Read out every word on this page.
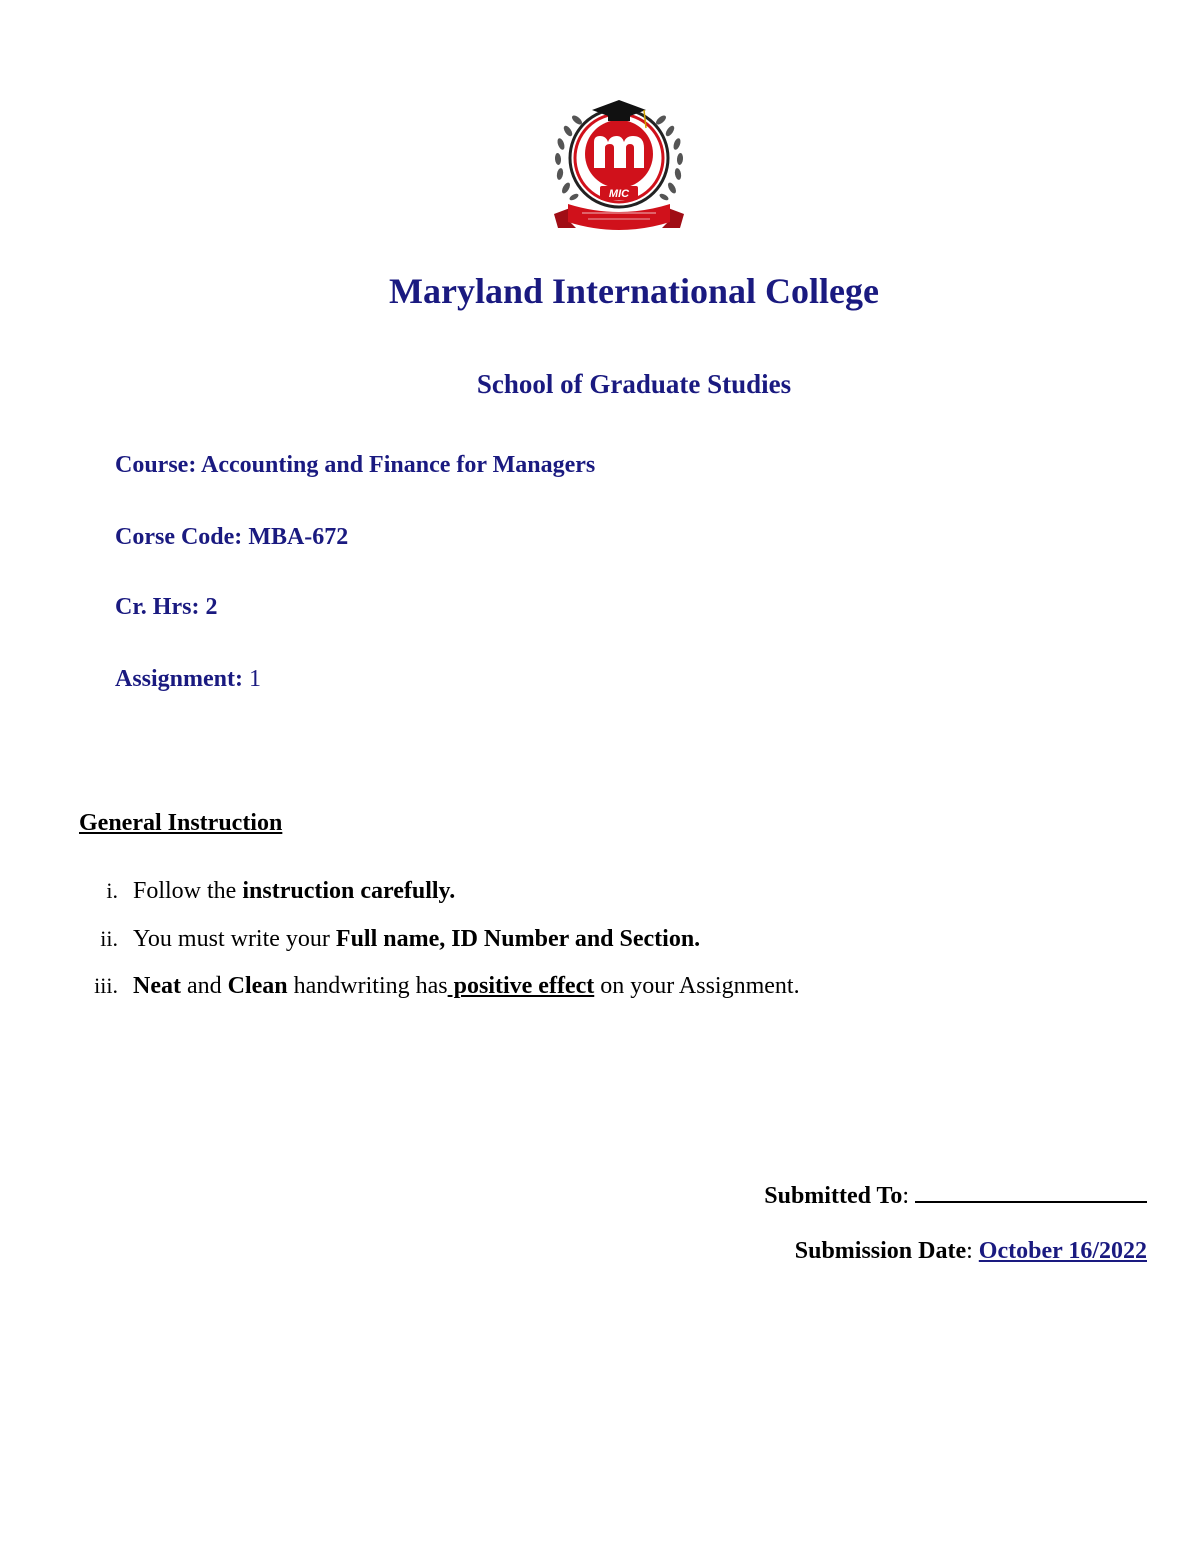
MIC
Maryland International College
School of Graduate Studies
Course: Accounting and Finance for Managers
Corse Code: MBA-672
Cr. Hrs: 2
Assignment: 1
General Instruction
i. Follow the instruction carefully.
ii. You must write your Full name, ID Number and Section.
iii. Neat and Clean handwriting has positive effect on your Assignment.
Submitted To:
Submission Date: October 16/2022
